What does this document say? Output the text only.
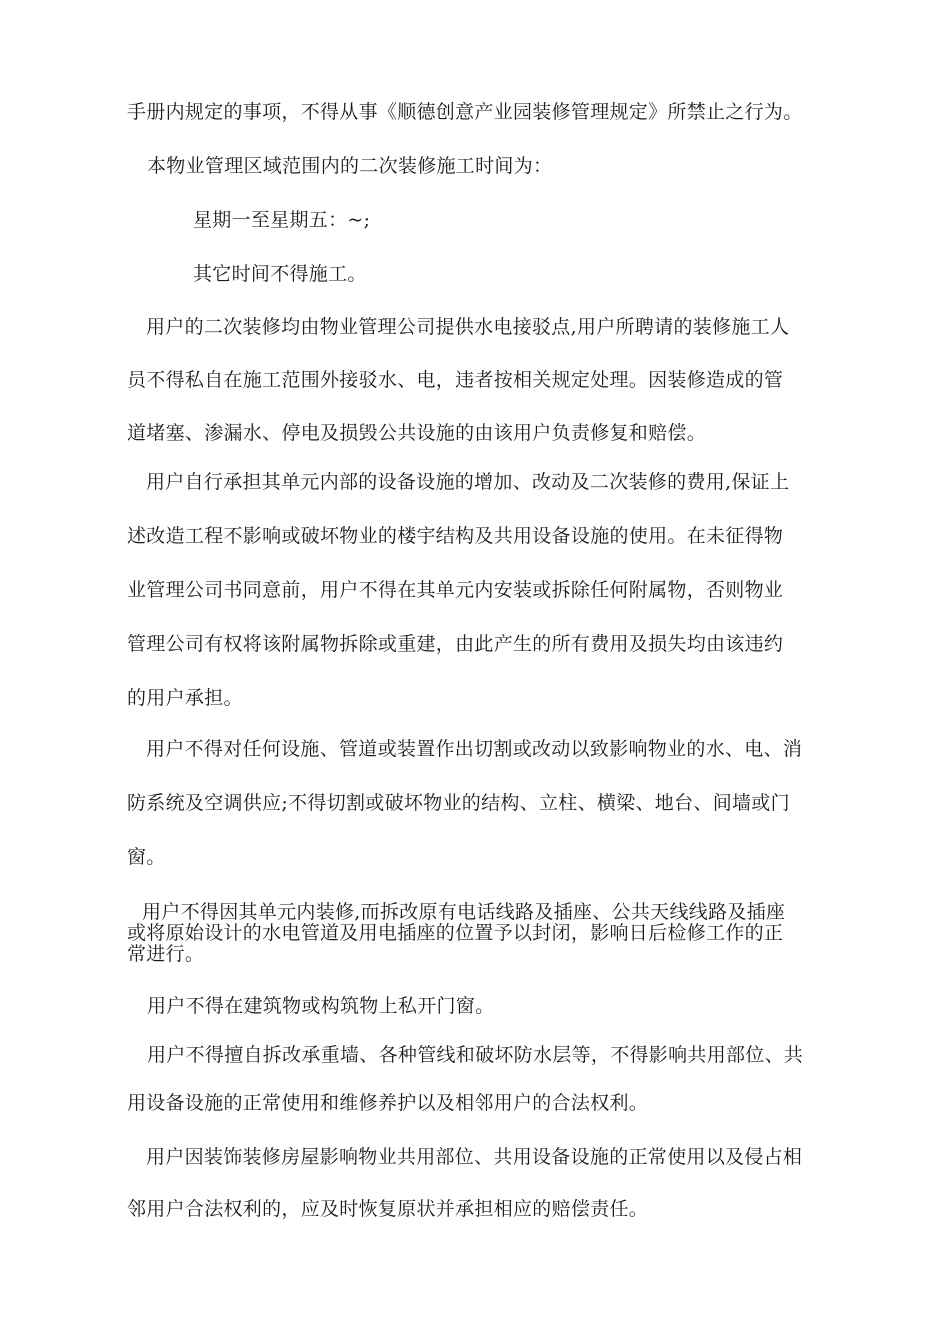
手册内规定的事项，不得从事《顺德创意产业园装修管理规定》所禁止之行为。

本物业管理区域范围内的二次装修施工时间为：

星期一至星期五：~;

其它时间不得施工。

用户的二次装修均由物业管理公司提供水电接驳点,用户所聘请的装修施工人

员不得私自在施工范围外接驳水、电，违者按相关规定处理。因装修造成的管

道堵塞、渗漏水、停电及损毁公共设施的由该用户负责修复和赔偿。

用户自行承担其单元内部的设备设施的增加、改动及二次装修的费用,保证上

述改造工程不影响或破坏物业的楼宇结构及共用设备设施的使用。在未征得物

业管理公司书同意前，用户不得在其单元内安装或拆除任何附属物，否则物业

管理公司有权将该附属物拆除或重建，由此产生的所有费用及损失均由该违约

的用户承担。

用户不得对任何设施、管道或装置作出切割或改动以致影响物业的水、电、消

防系统及空调供应;不得切割或破坏物业的结构、立柱、横梁、地台、间墙或门

窗。

用户不得因其单元内装修,而拆改原有电话线路及插座、公共天线线路及插座

或将原始设计的水电管道及用电插座的位置予以封闭，影响日后检修工作的正

常进行。

用户不得在建筑物或构筑物上私开门窗。

用户不得擅自拆改承重墙、各种管线和破坏防水层等，不得影响共用部位、共

用设备设施的正常使用和维修养护以及相邻用户的合法权利。

用户因装饰装修房屋影响物业共用部位、共用设备设施的正常使用以及侵占相

邻用户合法权利的，应及时恢复原状并承担相应的赔偿责任。
